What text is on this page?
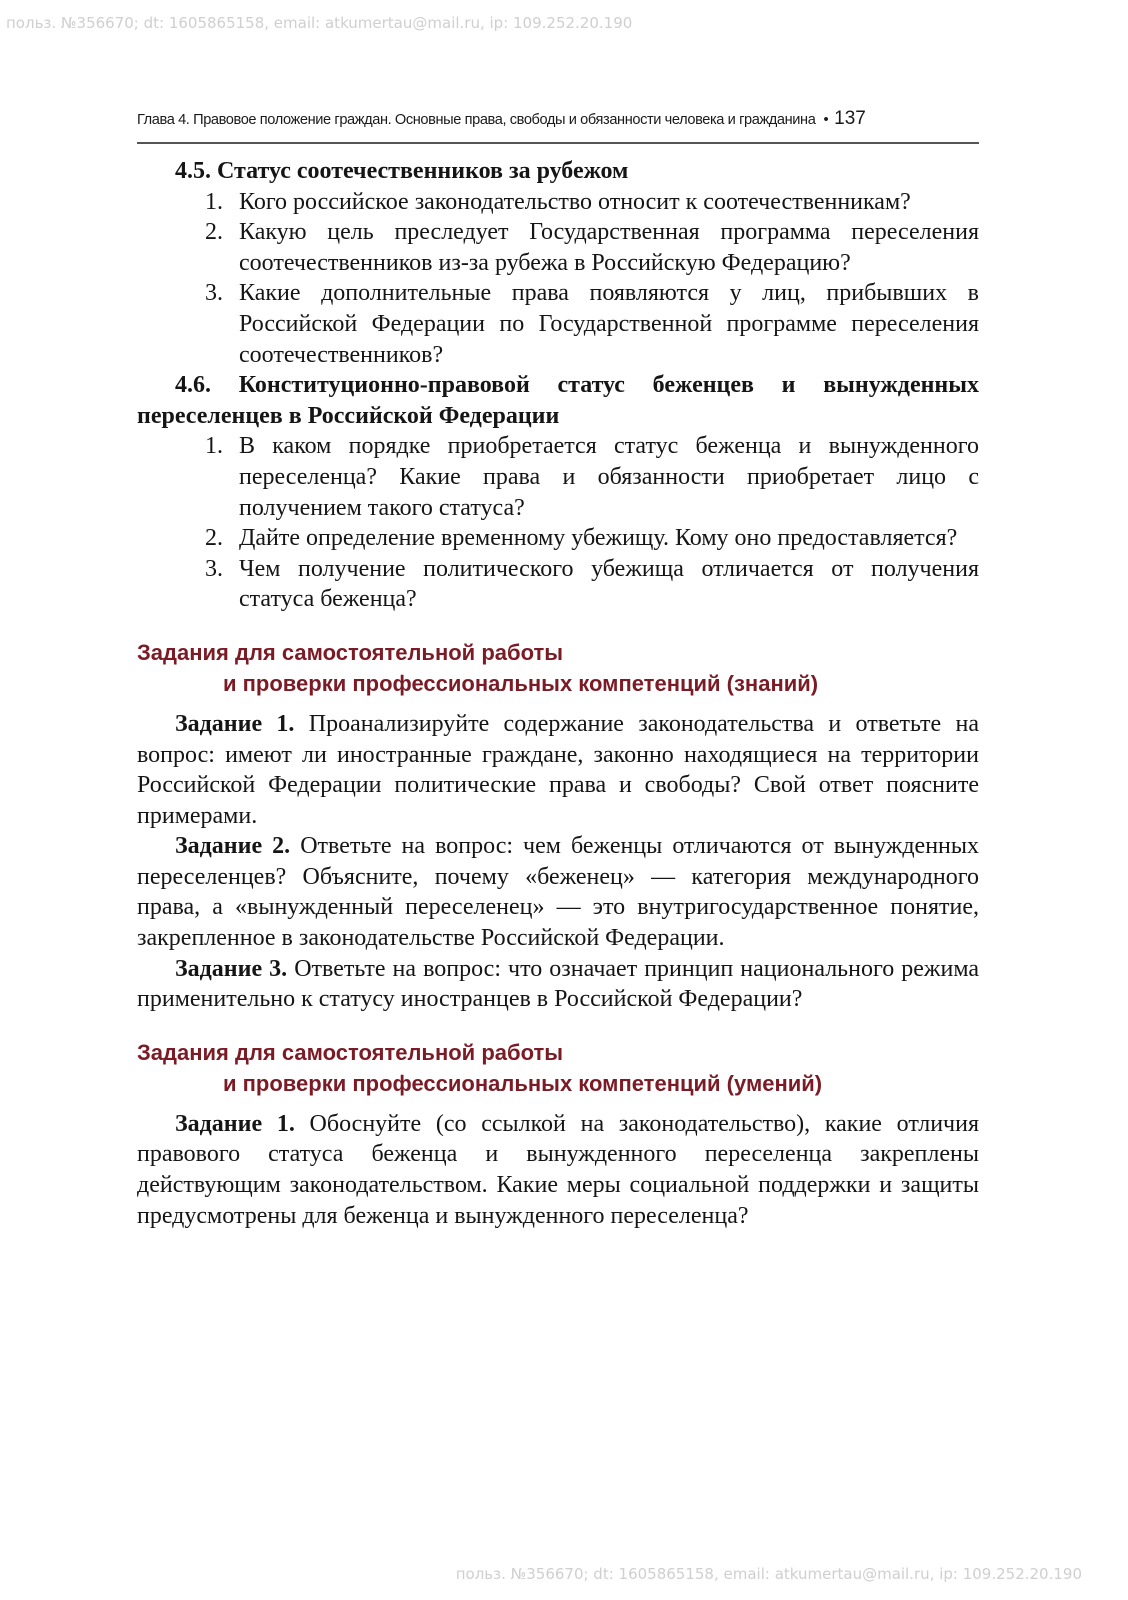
польз. №356670; dt: 1605865158, email: atkumertau@mail.ru, ip: 109.252.20.190
Глава 4. Правовое положение граждан. Основные права, свободы и обязанности человека и гражданина • 137

4.5. Статус соотечественников за рубежом

1. Кого российское законодательство относит к соотечественникам?
2. Какую цель преследует Государственная программа переселения соотечественников из-за рубежа в Российскую Федерацию?
3. Какие дополнительные права появляются у лиц, прибывших в Российской Федерации по Государственной программе переселения соотечественников?

4.6. Конституционно-правовой статус беженцев и вынужденных переселенцев в Российской Федерации

1. В каком порядке приобретается статус беженца и вынужденного переселенца? Какие права и обязанности приобретает лицо с получением такого статуса?
2. Дайте определение временному убежищу. Кому оно предоставляется?
3. Чем получение политического убежища отличается от получения статуса беженца?

Задания для самостоятельной работы
и проверки профессиональных компетенций (знаний)

Задание 1. Проанализируйте содержание законодательства и ответьте на вопрос: имеют ли иностранные граждане, законно находящиеся на территории Российской Федерации политические права и свободы? Свой ответ поясните примерами.

Задание 2. Ответьте на вопрос: чем беженцы отличаются от вынужденных переселенцев? Объясните, почему «беженец» — категория международного права, а «вынужденный переселенец» — это внутригосударственное понятие, закрепленное в законодательстве Российской Федерации.

Задание 3. Ответьте на вопрос: что означает принцип национального режима применительно к статусу иностранцев в Российской Федерации?

Задания для самостоятельной работы
и проверки профессиональных компетенций (умений)

Задание 1. Обоснуйте (со ссылкой на законодательство), какие отличия правового статуса беженца и вынужденного переселенца закреплены действующим законодательством. Какие меры социальной поддержки и защиты предусмотрены для беженца и вынужденного переселенца?

польз. №356670; dt: 1605865158, email: atkumertau@mail.ru, ip: 109.252.20.190
